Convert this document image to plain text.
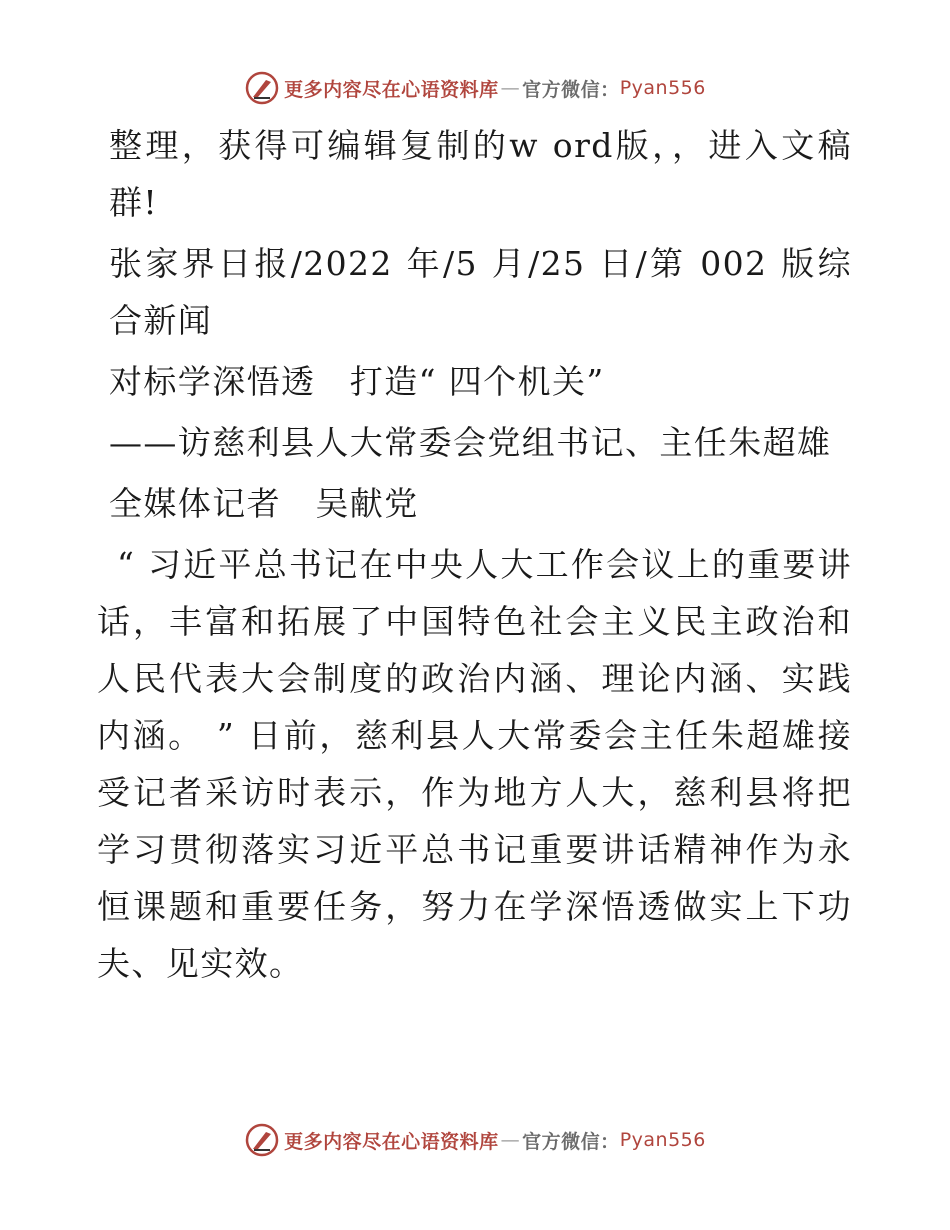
更多内容尽在心语资料库 — 官方微信： Pyan556

整理，获得可编辑复制的w ord版，，进入文稿群!

张家界日报/2022 年/5 月/25 日/第 002 版综合新闻

对标学深悟透　打造“ 四个机关”

——访慈利县人大常委会党组书记、主任朱超雄

全媒体记者　吴献党

“ 习近平总书记在中央人大工作会议上的重要讲话，丰富和拓展了中国特色社会主义民主政治和人民代表大会制度的政治内涵、理论内涵、实践内涵。 ” 日前，慈利县人大常委会主任朱超雄接受记者采访时表示，作为地方人大，慈利县将把学习贯彻落实习近平总书记重要讲话精神作为永恒课题和重要任务，努力在学深悟透做实上下功夫、见实效。

更多内容尽在心语资料库 — 官方微信： Pyan556
